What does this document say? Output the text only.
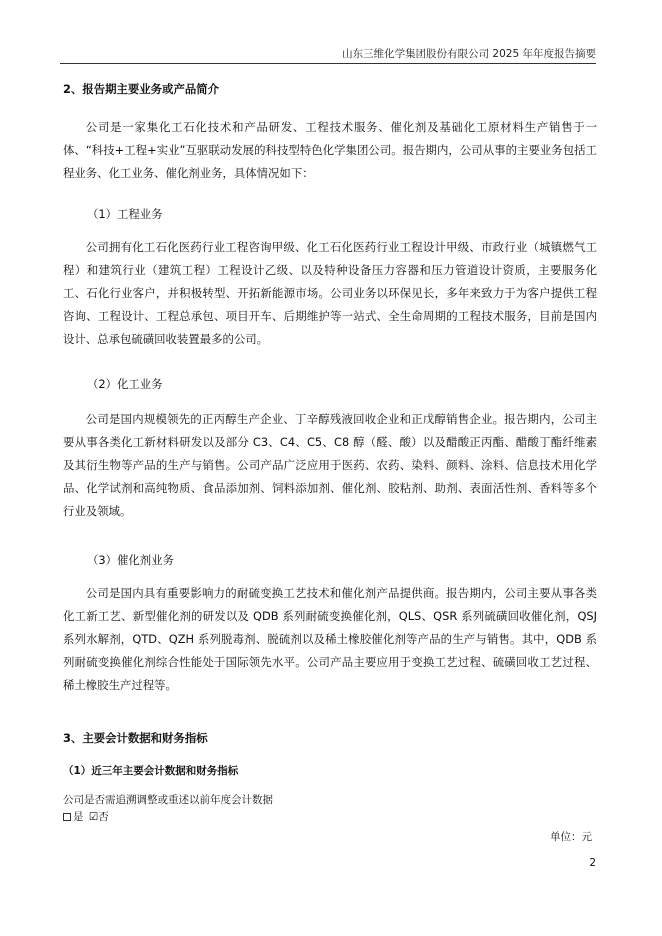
山东三维化学集团股份有限公司 2025 年年度报告摘要
2、报告期主要业务或产品简介
公司是一家集化工石化技术和产品研发、工程技术服务、催化剂及基础化工原材料生产销售于一体、“科技+工程+实业”互驱联动发展的科技型特色化学集团公司。报告期内，公司从事的主要业务包括工程业务、化工业务、催化剂业务，具体情况如下：
（1）工程业务
公司拥有化工石化医药行业工程咨询甲级、化工石化医药行业工程设计甲级、市政行业（城镇燃气工程）和建筑行业（建筑工程）工程设计乙级、以及特种设备压力容器和压力管道设计资质，主要服务化工、石化行业客户，并积极转型、开拓新能源市场。公司业务以环保见长，多年来致力于为客户提供工程咨询、工程设计、工程总承包、项目开车、后期维护等一站式、全生命周期的工程技术服务，目前是国内设计、总承包硫磺回收装置最多的公司。
（2）化工业务
公司是国内规模领先的正丙醇生产企业、丁辛醇残液回收企业和正戊醇销售企业。报告期内，公司主要从事各类化工新材料研发以及部分 C3、C4、C5、C8 醇（醛、酸）以及醋酸正丙酯、醋酸丁酯纤维素及其衍生物等产品的生产与销售。公司产品广泛应用于医药、农药、染料、颜料、涂料、信息技术用化学品、化学试剂和高纯物质、食品添加剂、饲料添加剂、催化剂、胶粘剂、助剂、表面活性剂、香料等多个行业及领域。
（3）催化剂业务
公司是国内具有重要影响力的耐硫变换工艺技术和催化剂产品提供商。报告期内，公司主要从事各类化工新工艺、新型催化剂的研发以及 QDB 系列耐硫变换催化剂，QLS、QSR 系列硫磺回收催化剂，QSJ 系列水解剂，QTD、QZH 系列脱毒剂、脱硫剂以及稀土橡胶催化剂等产品的生产与销售。其中，QDB 系列耐硫变换催化剂综合性能处于国际领先水平。公司产品主要应用于变换工艺过程、硫磺回收工艺过程、稀土橡胶生产过程等。
3、主要会计数据和财务指标
（1）近三年主要会计数据和财务指标
公司是否需追溯调整或重述以前年度会计数据
是 ☑否
单位：元
2
